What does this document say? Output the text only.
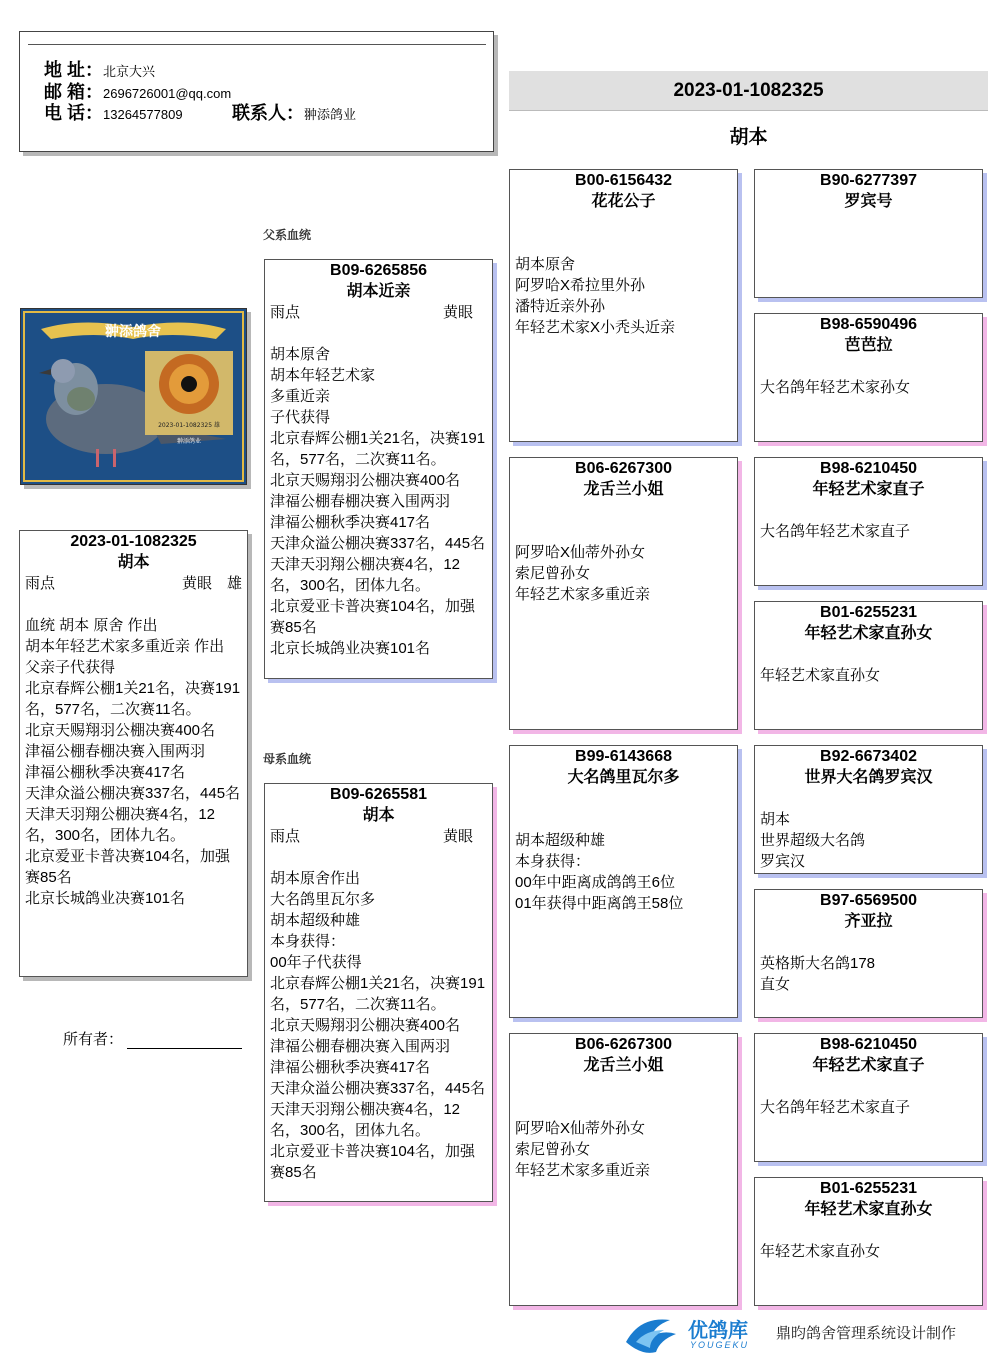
地 址：北京大兴
邮 箱：2696726001@qq.com
电 话：13264577809	联系人：翀添鸽业
2023-01-1082325
胡本
翀添鸽舍
2023-01-1082325 雄
翀添鸽业
2023-01-1082325
胡本
雨点	黄眼　雄

血统 胡本 原舍 作出
胡本年轻艺术家多重近亲 作出
父亲子代获得
北京春辉公棚1关21名，决赛191名，577名，二次赛11名。
北京天赐翔羽公棚决赛400名
津福公棚春棚决赛入围两羽
津福公棚秋季决赛417名
天津众溢公棚决赛337名，445名
天津天羽翔公棚决赛4名，12名，300名，团体九名。
北京爱亚卡普决赛104名，加强赛85名
北京长城鸽业决赛101名
所有者：
父系血统
母系血统
B09-6265856
胡本近亲
雨点	黄眼

胡本原舍
胡本年轻艺术家
多重近亲
子代获得
北京春辉公棚1关21名，决赛191名，577名，二次赛11名。
北京天赐翔羽公棚决赛400名
津福公棚春棚决赛入围两羽
津福公棚秋季决赛417名
天津众溢公棚决赛337名，445名
天津天羽翔公棚决赛4名，12名，300名，团体九名。
北京爱亚卡普决赛104名，加强赛85名
北京长城鸽业决赛101名
B09-6265581
胡本
雨点	黄眼

胡本原舍作出
大名鸽里瓦尔多
胡本超级种雄
本身获得：
00年子代获得
北京春辉公棚1关21名，决赛191名，577名，二次赛11名。
北京天赐翔羽公棚决赛400名
津福公棚春棚决赛入围两羽
津福公棚秋季决赛417名
天津众溢公棚决赛337名，445名
天津天羽翔公棚决赛4名，12名，300名，团体九名。
北京爱亚卡普决赛104名，加强赛85名
B00-6156432
花花公子

胡本原舍
阿罗哈X希拉里外孙
潘特近亲外孙
年轻艺术家X小秃头近亲
B06-6267300
龙舌兰小姐

阿罗哈X仙蒂外孙女
索尼曾孙女
年轻艺术家多重近亲
B99-6143668
大名鸽里瓦尔多

胡本超级种雄
本身获得：
00年中距离成鸽鸽王6位
01年获得中距离鸽王58位
B06-6267300
龙舌兰小姐

阿罗哈X仙蒂外孙女
索尼曾孙女
年轻艺术家多重近亲
B90-6277397
罗宾号
B98-6590496
芭芭拉

大名鸽年轻艺术家孙女
B98-6210450
年轻艺术家直子

大名鸽年轻艺术家直子
B01-6255231
年轻艺术家直孙女

年轻艺术家直孙女
B92-6673402
世界大名鸽罗宾汉

胡本
世界超级大名鸽
罗宾汉
B97-6569500
齐亚拉

英格斯大名鸽178
直女
B98-6210450
年轻艺术家直子

大名鸽年轻艺术家直子
B01-6255231
年轻艺术家直孙女

年轻艺术家直孙女
优鸽库
YOUGEKU
鼎昀鸽舍管理系统设计制作
